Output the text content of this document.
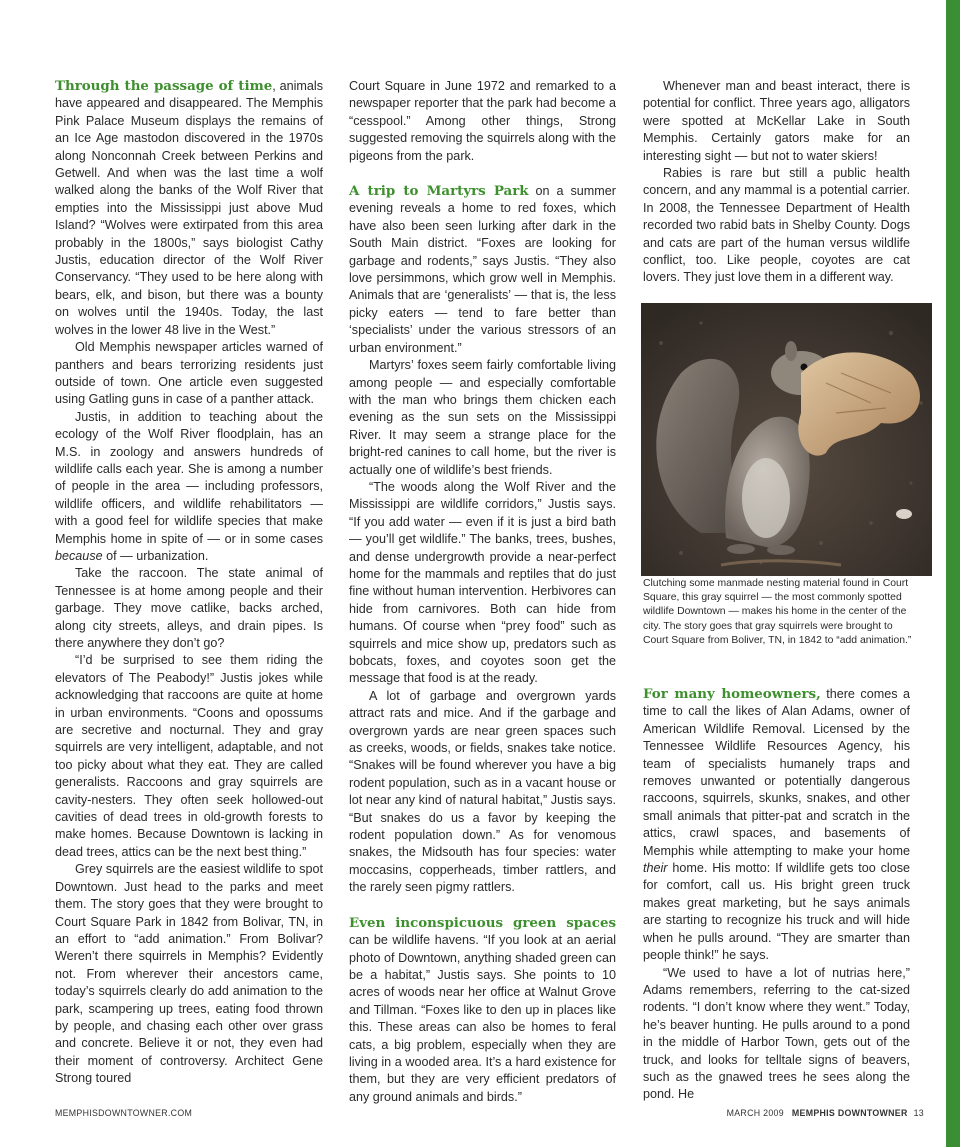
Through the passage of time, animals have appeared and disappeared. The Memphis Pink Palace Museum displays the remains of an Ice Age mastodon discovered in the 1970s along Nonconnah Creek between Perkins and Getwell. And when was the last time a wolf walked along the banks of the Wolf River that empties into the Mississippi just above Mud Island? “Wolves were extirpated from this area probably in the 1800s,” says biologist Cathy Justis, education director of the Wolf River Conservancy. “They used to be here along with bears, elk, and bison, but there was a bounty on wolves until the 1940s. Today, the last wolves in the lower 48 live in the West.”

Old Memphis newspaper articles warned of panthers and bears terrorizing residents just outside of town. One article even suggested using Gatling guns in case of a panther attack.

Justis, in addition to teaching about the ecology of the Wolf River floodplain, has an M.S. in zoology and answers hundreds of wildlife calls each year. She is among a number of people in the area — including professors, wildlife officers, and wildlife rehabilitators — with a good feel for wildlife species that make Memphis home in spite of — or in some cases because of — urbanization.

Take the raccoon. The state animal of Tennessee is at home among people and their garbage. They move catlike, backs arched, along city streets, alleys, and drain pipes. Is there anywhere they don’t go?

“I’d be surprised to see them riding the elevators of The Peabody!” Justis jokes while acknowledging that raccoons are quite at home in urban environments. “Coons and opossums are secretive and nocturnal. They and gray squirrels are very intelligent, adaptable, and not too picky about what they eat. They are called generalists. Raccoons and gray squirrels are cavity-nesters. They often seek hollowed-out cavities of dead trees in old-growth forests to make homes. Because Downtown is lacking in dead trees, attics can be the next best thing.”

Grey squirrels are the easiest wildlife to spot Downtown. Just head to the parks and meet them. The story goes that they were brought to Court Square Park in 1842 from Bolivar, TN, in an effort to “add animation.” From Bolivar? Weren’t there squirrels in Memphis? Evidently not. From wherever their ancestors came, today’s squirrels clearly do add animation to the park, scampering up trees, eating food thrown by people, and chasing each other over grass and concrete. Believe it or not, they even had their moment of controversy. Architect Gene Strong toured

Court Square in June 1972 and remarked to a newspaper reporter that the park had become a “cesspool.” Among other things, Strong suggested removing the squirrels along with the pigeons from the park.

A trip to Martyrs Park on a summer evening reveals a home to red foxes, which have also been seen lurking after dark in the South Main district. “Foxes are looking for garbage and rodents,” says Justis. “They also love persimmons, which grow well in Memphis. Animals that are ‘generalists’ — that is, the less picky eaters — tend to fare better than ‘specialists’ under the various stressors of an urban environment.”

Martyrs’ foxes seem fairly comfortable living among people — and especially comfortable with the man who brings them chicken each evening as the sun sets on the Mississippi River. It may seem a strange place for the bright-red canines to call home, but the river is actually one of wildlife’s best friends.

“The woods along the Wolf River and the Mississippi are wildlife corridors,” Justis says. “If you add water — even if it is just a bird bath — you’ll get wildlife.” The banks, trees, bushes, and dense undergrowth provide a near-perfect home for the mammals and reptiles that do just fine without human intervention. Herbivores can hide from carnivores. Both can hide from humans. Of course when “prey food” such as squirrels and mice show up, predators such as bobcats, foxes, and coyotes soon get the message that food is at the ready.

A lot of garbage and overgrown yards attract rats and mice. And if the garbage and overgrown yards are near green spaces such as creeks, woods, or fields, snakes take notice. “Snakes will be found wherever you have a big rodent population, such as in a vacant house or lot near any kind of natural habitat,” Justis says. “But snakes do us a favor by keeping the rodent population down.” As for venomous snakes, the Midsouth has four species: water moccasins, copperheads, timber rattlers, and the rarely seen pigmy rattlers.

Even inconspicuous green spaces can be wildlife havens. “If you look at an aerial photo of Downtown, anything shaded green can be a habitat,” Justis says. She points to 10 acres of woods near her office at Walnut Grove and Tillman. “Foxes like to den up in places like this. These areas can also be homes to feral cats, a big problem, especially when they are living in a wooded area. It’s a hard existence for them, but they are very efficient predators of any ground animals and birds.”

Whenever man and beast interact, there is potential for conflict. Three years ago, alligators were spotted at McKellar Lake in South Memphis. Certainly gators make for an interesting sight — but not to water skiers!

Rabies is rare but still a public health concern, and any mammal is a potential carrier. In 2008, the Tennessee Department of Health recorded two rabid bats in Shelby County. Dogs and cats are part of the human versus wildlife conflict, too. Like people, coyotes are cat lovers. They just love them in a different way.

Clutching some manmade nesting material found in Court Square, this gray squirrel — the most commonly spotted wildlife Downtown — makes his home in the center of the city. The story goes that gray squirrels were brought to Court Square from Boliver, TN, in 1842 to “add animation.”

For many homeowners, there comes a time to call the likes of Alan Adams, owner of American Wildlife Removal. Licensed by the Tennessee Wildlife Resources Agency, his team of specialists humanely traps and removes unwanted or potentially dangerous raccoons, squirrels, skunks, snakes, and other small animals that pitter-pat and scratch in the attics, crawl spaces, and basements of Memphis while attempting to make your home their home. His motto: If wildlife gets too close for comfort, call us. His bright green truck makes great marketing, but he says animals are starting to recognize his truck and will hide when he pulls around. “They are smarter than people think!” he says.

“We used to have a lot of nutrias here,” Adams remembers, referring to the cat-sized rodents. “I don’t know where they went.” Today, he’s beaver hunting. He pulls around to a pond in the middle of Harbor Town, gets out of the truck, and looks for telltale signs of beavers, such as the gnawed trees he sees along the pond. He

MEMPHISDOWNTOWNER.COM	MARCH 2009 MEMPHIS DOWNTOWNER 13
